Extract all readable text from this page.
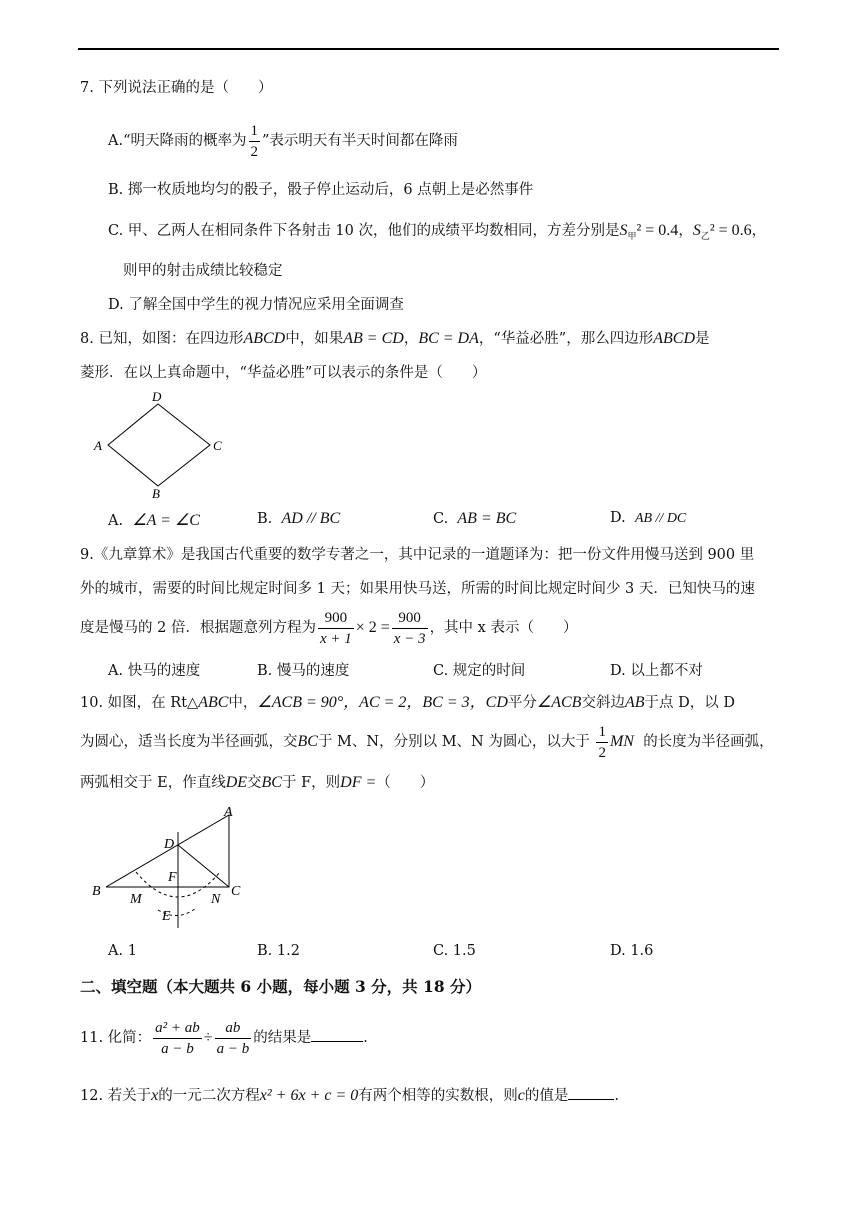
7. 下列说法正确的是（　　）
A.“明天降雨的概率为 $\frac{1}{2}$ ”表示明天有半天时间都在降雨
B. 掷一枚质地均匀的骰子，骰子停止运动后，6 点朝上是必然事件
C. 甲、乙两人在相同条件下各射击 10 次，他们的成绩平均数相同，方差分别是$S_甲^2 = 0.4$，$S_乙^2 = 0.6$，
则甲的射击成绩比较稳定
D. 了解全国中学生的视力情况应采用全面调查
8. 已知，如图：在四边形ABCD中，如果AB = CD，BC = DA，“华益必胜”，那么四边形ABCD是
菱形．在以上真命题中，“华益必胜”可以表示的条件是（　　）
D
A	C
B
A. ∠A = ∠C	B. AD // BC	C. AB = BC	D. AB // DC
9.《九章算术》是我国古代重要的数学专著之一，其中记录的一道题译为：把一份文件用慢马送到 900 里
外的城市，需要的时间比规定时间多 1 天；如果用快马送，所需的时间比规定时间少 3 天．已知快马的速
度是慢马的 2 倍．根据题意列方程为 $\frac{900}{x + 1} \times 2 = \frac{900}{x - 3}$ ，其中 x 表示（　　）
A. 快马的速度	B. 慢马的速度	C. 规定的时间	D. 以上都不对
10. 如图，在 Rt△ABC中，∠ACB = 90°，AC = 2，BC = 3，CD平分∠ACB交斜边AB于点 D，以 D
为圆心，适当长度为半径画弧，交BC于 M、N，分别以 M、N 为圆心，以大于 $\frac{1}{2}$ MN 的长度为半径画弧，
两弧相交于 E，作直线DE交BC于 F，则DF =（　　）
A
D
F
B
M	N
C
E
A. 1	B. 1.2	C. 1.5	D. 1.6
二、填空题（本大题共 6 小题，每小题 3 分，共 18 分）
11. 化简： $\frac{\text{a² + ab}}{a - b} \div \frac{ab}{a - b}$ 的结果是	.
12. 若关于x的一元二次方程x² + 6x + c = 0有两个相等的实数根，则c的值是	.
